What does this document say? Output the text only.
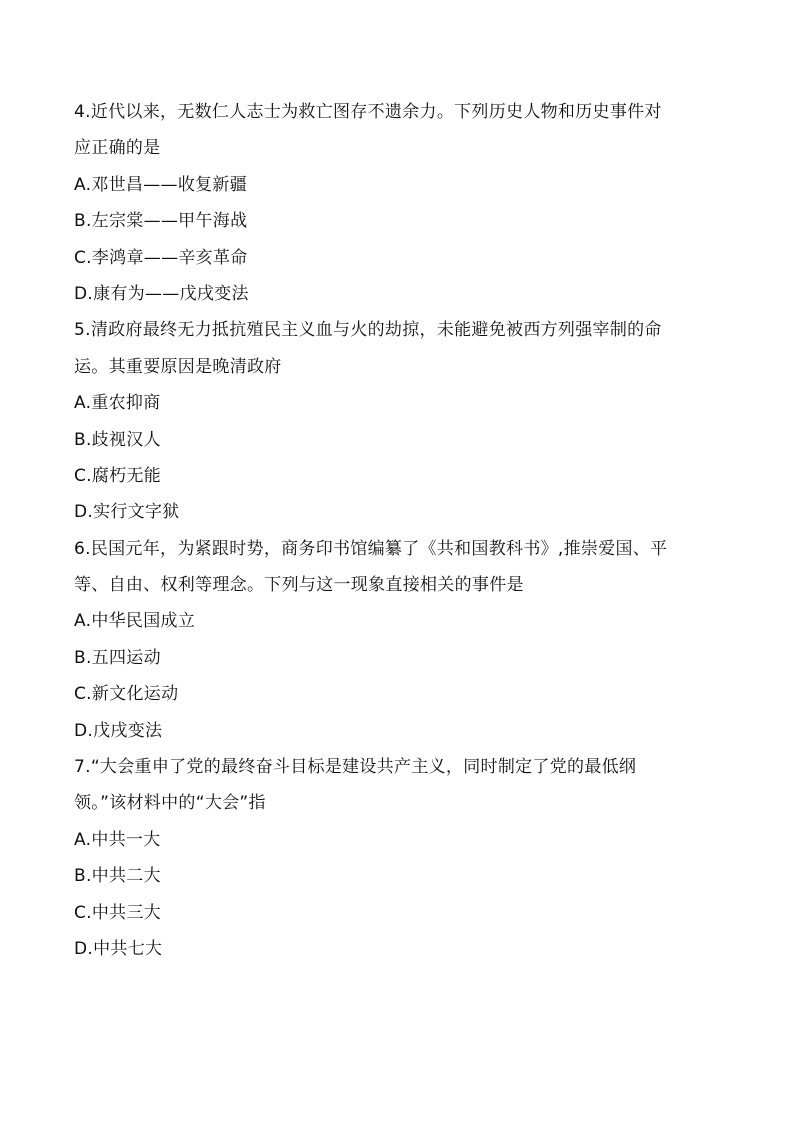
4.近代以来，无数仁人志士为救亡图存不遗余力。下列历史人物和历史事件对
应正确的是
A.邓世昌——收复新疆
B.左宗棠——甲午海战
C.李鸿章——辛亥革命
D.康有为——戊戌变法
5.清政府最终无力抵抗殖民主义血与火的劫掠，未能避免被西方列强宰制的命
运。其重要原因是晚清政府
A.重农抑商
B.歧视汉人
C.腐朽无能
D.实行文字狱
6.民国元年，为紧跟时势，商务印书馆编纂了《共和国教科书》,推崇爱国、平
等、自由、权利等理念。下列与这一现象直接相关的事件是
A.中华民国成立
B.五四运动
C.新文化运动
D.戊戌变法
7.“大会重申了党的最终奋斗目标是建设共产主义，同时制定了党的最低纲
领。”该材料中的“大会”指
A.中共一大
B.中共二大
C.中共三大
D.中共七大
